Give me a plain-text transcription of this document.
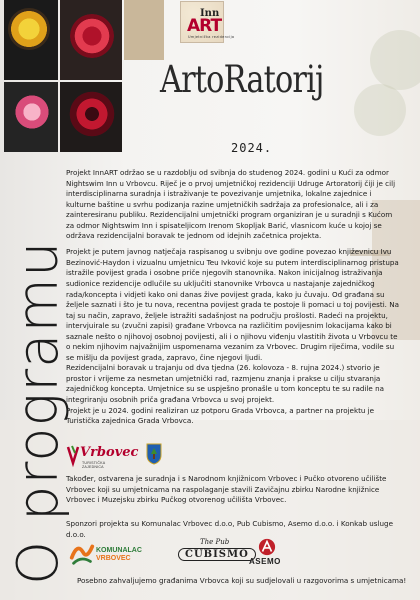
Inn
ART
Umjetnička rezidencija
ArtoRatorij
2024.
O programu

Projekt InnART održao se u razdoblju od svibnja do studenog 2024. godini u Kući za odmor Nightswim Inn u Vrbovcu. Riječ je o prvoj umjetničkoj rezidenciji Udruge Artoratorij čiji je cilj interdisciplinarna suradnja i istraživanje te povezivanje umjetnika, lokalne zajednice i kulturne baštine u svrhu podizanja razine umjetničkih sadržaja za profesionalce, ali i za zainteresiranu publiku. Rezidencijalni umjetnički program organiziran je u suradnji s Kućom za odmor Nightswim Inn i spisateljicom Irenom Skopljak Barić, vlasnicom kuće u kojoj se održava rezidencijalni boravak te jednom od idejnih začetnica projekta.

Projekt je putem javnog natječaja raspisanog u svibnju ove godine povezao književnicu Ivu Bezinović-Haydon i vizualnu umjetnicu Teu Ivković koje su putem interdisciplinarnog pristupa istražile povijest grada i osobne priče njegovih stanovnika. Nakon inicijalnog istraživanja sudionice rezidencije odlučile su uključiti stanovnike Vrbovca u nastajanje zajedničkog rada/koncepta i vidjeti kako oni danas žive povijest grada, kako ju čuvaju. Od građana su željele saznati i što je tu nova, recentna povijest grada te postoje li pomaci u toj povijesti. Na taj su način, zapravo, željele istražiti sadašnjost na području prošlosti. Radeći na projektu, intervjuirale su (zvučni zapisi) građane Vrbovca na različitim povijesnim lokacijama kako bi saznale nešto o njihovoj osobnoj povijesti, ali i o njihovu viđenju vlastitih života u Vrbovcu te o nekim njihovim najvažnijim uspomenama vezanim za Vrbovec. Drugim riječima, vodile su se mišlju da povijest grada, zapravo, čine njegovi ljudi.

Rezidencijalni boravak u trajanju od dva tjedna (26. kolovoza - 8. rujna 2024.) stvorio je prostor i vrijeme za nesmetan umjetnički rad, razmjenu znanja i prakse u cilju stvaranja zajedničkog koncepta. Umjetnice su se uspješno pronašle u tom konceptu te su radile na integriranju osobnih priča građana Vrbovca u svoj projekt.

Projekt je u 2024. godini realiziran uz potporu Grada Vrbovca, a partner na projektu je Turistička zajednica Grada Vrbovca.

Vrbovec
TURISTIČKA ZAJEDNICA
Također, ostvarena je suradnja i s Narodnom knjižnicom Vrbovec i Pučko otvoreno učilište Vrbovec koji su umjetnicama na raspolaganje stavili Zavičajnu zbirku Narodne knjižnice Vrbovec i Muzejsku zbirku Pučkog otvorenog učilišta Vrbovec.
Sponzori projekta su Komunalac Vrbovec d.o.o, Pub Cubismo, Asemo d.o.o. i Konkab usluge d.o.o.
KOMUNALAC
VRBOVEC
The Pub
CUBISMO
ASEMO
Posebno zahvaljujemo građanima Vrbovca koji su sudjelovali u razgovorima s umjetnicama!
